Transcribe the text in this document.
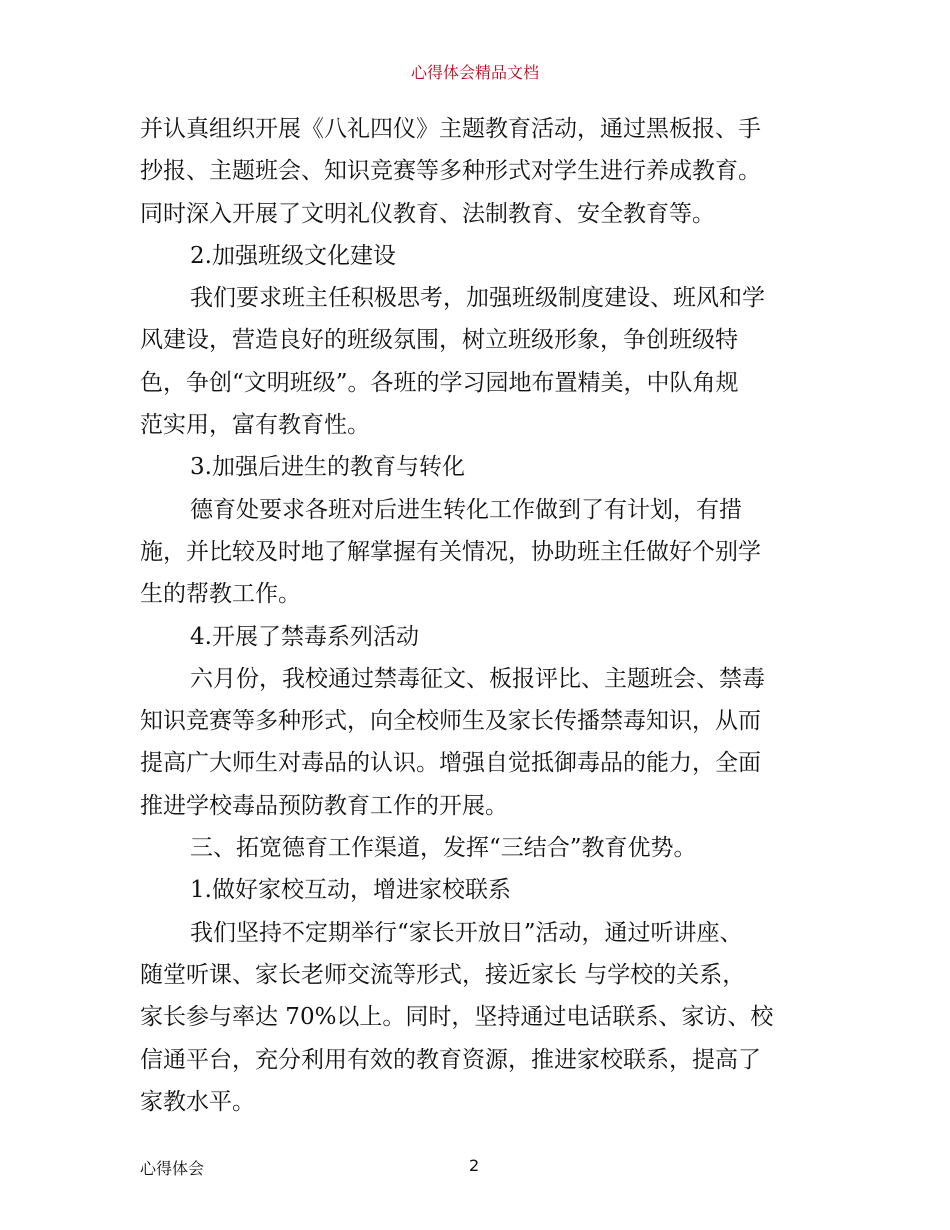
心得体会精品文档
并认真组织开展《八礼四仪》主题教育活动，通过黑板报、手
抄报、主题班会、知识竞赛等多种形式对学生进行养成教育。
同时深入开展了文明礼仪教育、法制教育、安全教育等。
2.加强班级文化建设
我们要求班主任积极思考，加强班级制度建设、班风和学
风建设，营造良好的班级氛围，树立班级形象，争创班级特
色，争创“文明班级”。各班的学习园地布置精美，中队角规
范实用，富有教育性。
3.加强后进生的教育与转化
德育处要求各班对后进生转化工作做到了有计划，有措
施，并比较及时地了解掌握有关情况，协助班主任做好个别学
生的帮教工作。
4.开展了禁毒系列活动
六月份，我校通过禁毒征文、板报评比、主题班会、禁毒
知识竞赛等多种形式，向全校师生及家长传播禁毒知识，从而
提高广大师生对毒品的认识。增强自觉抵御毒品的能力，全面
推进学校毒品预防教育工作的开展。
三、拓宽德育工作渠道，发挥“三结合”教育优势。
1.做好家校互动，增进家校联系
我们坚持不定期举行“家长开放日”活动，通过听讲座、
随堂听课、家长老师交流等形式，接近家长 与学校的关系，
家长参与率达 70%以上。同时，坚持通过电话联系、家访、校
信通平台，充分利用有效的教育资源，推进家校联系，提高了
家教水平。
心得体会	2
